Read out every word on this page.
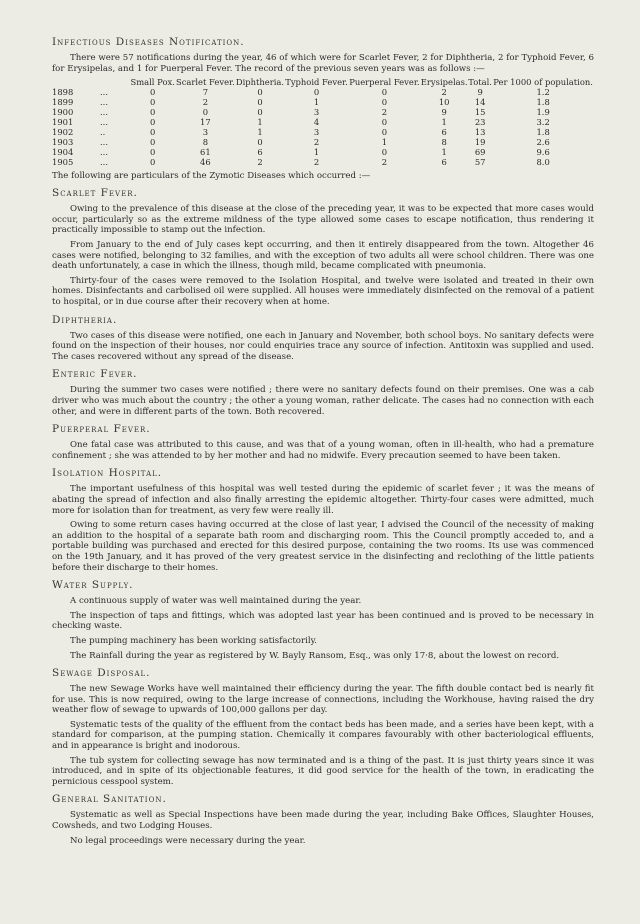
Infectious Diseases Notification.

There were 57 notifications during the year, 46 of which were for Scarlet Fever, 2 for Diphtheria, 2 for Typhoid Fever, 6 for Erysipelas, and 1 for Puerperal Fever. The record of the previous seven years was as follows :—

		Small Pox.	Scarlet Fever.	Diphtheria.	Typhoid Fever.	Puerperal Fever.	Erysipelas.	Total.	Per 1000 of population.
1898	...	0	7	0	0	0	2	9	1.2
1899	...	0	2	0	1	0	10	14	1.8
1900	...	0	0	0	3	2	9	15	1.9
1901	...	0	17	1	4	0	1	23	3.2
1902	..	0	3	1	3	0	6	13	1.8
1903	...	0	8	0	2	1	8	19	2.6
1904	...	0	61	6	1	0	1	69	9.6
1905	...	0	46	2	2	2	6	57	8.0

The following are particulars of the Zymotic Diseases which occurred :—

Scarlet Fever.

Owing to the prevalence of this disease at the close of the preceding year, it was to be expected that more cases would occur, particularly so as the extreme mildness of the type allowed some cases to escape notification, thus rendering it practically impossible to stamp out the infection.

From January to the end of July cases kept occurring, and then it entirely disappeared from the town. Altogether 46 cases were notified, belonging to 32 families, and with the exception of two adults all were school children. There was one death unfortunately, a case in which the illness, though mild, became complicated with pneumonia.

Thirty-four of the cases were removed to the Isolation Hospital, and twelve were isolated and treated in their own homes. Disinfectants and carbolised oil were supplied. All houses were immediately disinfected on the removal of a patient to hospital, or in due course after their recovery when at home.

Diphtheria.

Two cases of this disease were notified, one each in January and November, both school boys. No sanitary defects were found on the inspection of their houses, nor could enquiries trace any source of infection. Antitoxin was supplied and used. The cases recovered without any spread of the disease.

Enteric Fever.

During the summer two cases were notified ; there were no sanitary defects found on their premises. One was a cab driver who was much about the country ; the other a young woman, rather delicate. The cases had no connection with each other, and were in different parts of the town. Both recovered.

Puerperal Fever.

One fatal case was attributed to this cause, and was that of a young woman, often in ill-health, who had a premature confinement ; she was attended to by her mother and had no midwife. Every precaution seemed to have been taken.

Isolation Hospital.

The important usefulness of this hospital was well tested during the epidemic of scarlet fever ; it was the means of abating the spread of infection and also finally arresting the epidemic altogether. Thirty-four cases were admitted, much more for isolation than for treatment, as very few were really ill.

Owing to some return cases having occurred at the close of last year, I advised the Council of the necessity of making an addition to the hospital of a separate bath room and discharging room. This the Council promptly acceded to, and a portable building was purchased and erected for this desired purpose, containing the two rooms. Its use was commenced on the 19th January, and it has proved of the very greatest service in the disinfecting and reclothing of the little patients before their discharge to their homes.

Water Supply.

A continuous supply of water was well maintained during the year.

The inspection of taps and fittings, which was adopted last year has been continued and is proved to be necessary in checking waste.

The pumping machinery has been working satisfactorily.

The Rainfall during the year as registered by W. Bayly Ransom, Esq., was only 17·8, about the lowest on record.

Sewage Disposal.

The new Sewage Works have well maintained their efficiency during the year. The fifth double contact bed is nearly fit for use. This is now required, owing to the large increase of connections, including the Workhouse, having raised the dry weather flow of sewage to upwards of 100,000 gallons per day.

Systematic tests of the quality of the effluent from the contact beds has been made, and a series have been kept, with a standard for comparison, at the pumping station. Chemically it compares favourably with other bacteriological effluents, and in appearance is bright and inodorous.

The tub system for collecting sewage has now terminated and is a thing of the past. It is just thirty years since it was introduced, and in spite of its objectionable features, it did good service for the health of the town, in eradicating the pernicious cesspool system.

General Sanitation.

Systematic as well as Special Inspections have been made during the year, including Bake Offices, Slaughter Houses, Cowsheds, and two Lodging Houses.

No legal proceedings were necessary during the year.
